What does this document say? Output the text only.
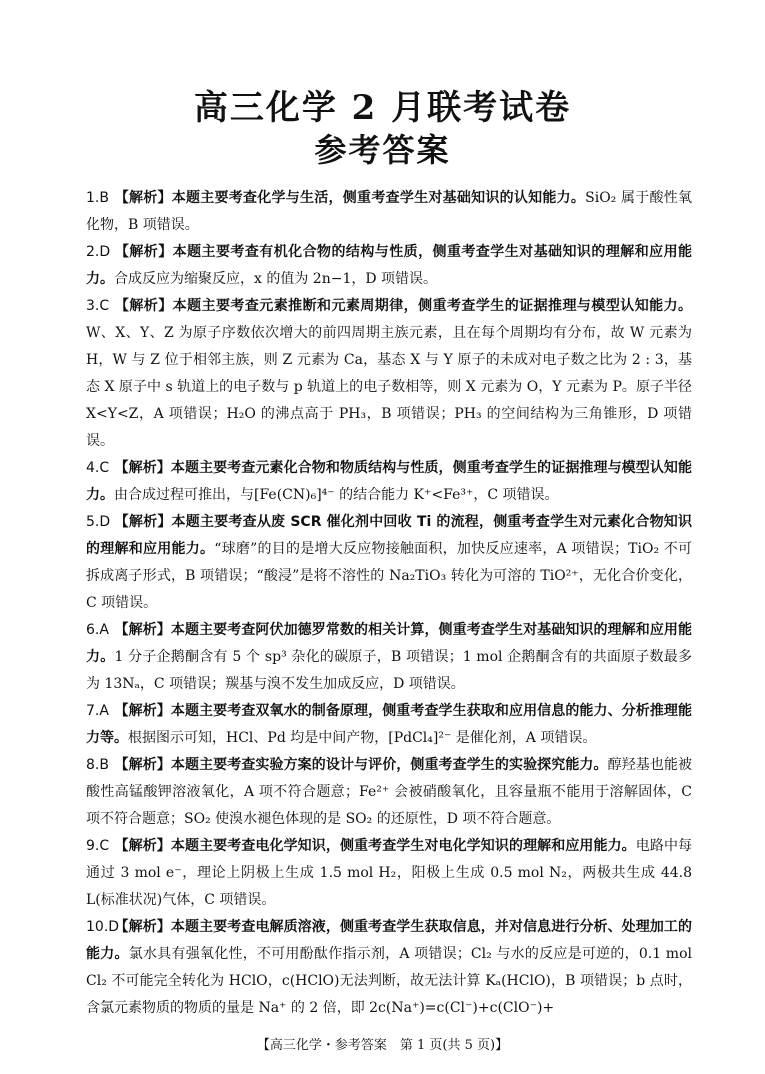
高三化学 2 月联考试卷
参考答案

1.B 【解析】本题主要考查化学与生活，侧重考查学生对基础知识的认知能力。SiO₂ 属于酸性氧化物，B 项错误。

2.D 【解析】本题主要考查有机化合物的结构与性质，侧重考查学生对基础知识的理解和应用能力。合成反应为缩聚反应，x 的值为 2n−1，D 项错误。

3.C 【解析】本题主要考查元素推断和元素周期律，侧重考查学生的证据推理与模型认知能力。W、X、Y、Z 为原子序数依次增大的前四周期主族元素，且在每个周期均有分布，故 W 元素为 H，W 与 Z 位于相邻主族，则 Z 元素为 Ca，基态 X 与 Y 原子的未成对电子数之比为 2 : 3，基态 X 原子中 s 轨道上的电子数与 p 轨道上的电子数相等，则 X 元素为 O，Y 元素为 P。原子半径 X<Y<Z，A 项错误；H₂O 的沸点高于 PH₃，B 项错误；PH₃ 的空间结构为三角锥形，D 项错误。

4.C 【解析】本题主要考查元素化合物和物质结构与性质，侧重考查学生的证据推理与模型认知能力。由合成过程可推出，与[Fe(CN)₆]⁴⁻ 的结合能力 K⁺<Fe³⁺，C 项错误。

5.D 【解析】本题主要考查从废 SCR 催化剂中回收 Ti 的流程，侧重考查学生对元素化合物知识的理解和应用能力。“球磨”的目的是增大反应物接触面积，加快反应速率，A 项错误；TiO₂ 不可拆成离子形式，B 项错误；“酸浸”是将不溶性的 Na₂TiO₃ 转化为可溶的 TiO²⁺，无化合价变化，C 项错误。

6.A 【解析】本题主要考查阿伏加德罗常数的相关计算，侧重考查学生对基础知识的理解和应用能力。1 分子企鹅酮含有 5 个 sp³ 杂化的碳原子，B 项错误；1 mol 企鹅酮含有的共面原子数最多为 13Nₐ，C 项错误；羰基与溴不发生加成反应，D 项错误。

7.A 【解析】本题主要考查双氧水的制备原理，侧重考查学生获取和应用信息的能力、分析推理能力等。根据图示可知，HCl、Pd 均是中间产物，[PdCl₄]²⁻ 是催化剂，A 项错误。

8.B 【解析】本题主要考查实验方案的设计与评价，侧重考查学生的实验探究能力。醇羟基也能被酸性高锰酸钾溶液氧化，A 项不符合题意；Fe²⁺ 会被硝酸氧化，且容量瓶不能用于溶解固体，C 项不符合题意；SO₂ 使溴水褪色体现的是 SO₂ 的还原性，D 项不符合题意。

9.C 【解析】本题主要考查电化学知识，侧重考查学生对电化学知识的理解和应用能力。电路中每通过 3 mol e⁻，理论上阴极上生成 1.5 mol H₂，阳极上生成 0.5 mol N₂，两极共生成 44.8 L(标准状况)气体，C 项错误。

10.D 【解析】本题主要考查电解质溶液，侧重考查学生获取信息，并对信息进行分析、处理加工的能力。氯水具有强氧化性，不可用酚酞作指示剂，A 项错误；Cl₂ 与水的反应是可逆的，0.1 mol Cl₂ 不可能完全转化为 HClO，c(HClO)无法判断，故无法计算 Kₐ(HClO)，B 项错误；b 点时，含氯元素物质的物质的量是 Na⁺ 的 2 倍，即 2c(Na⁺)=c(Cl⁻)+c(ClO⁻)+

【高三化学・参考答案　第 1 页(共 5 页)】
